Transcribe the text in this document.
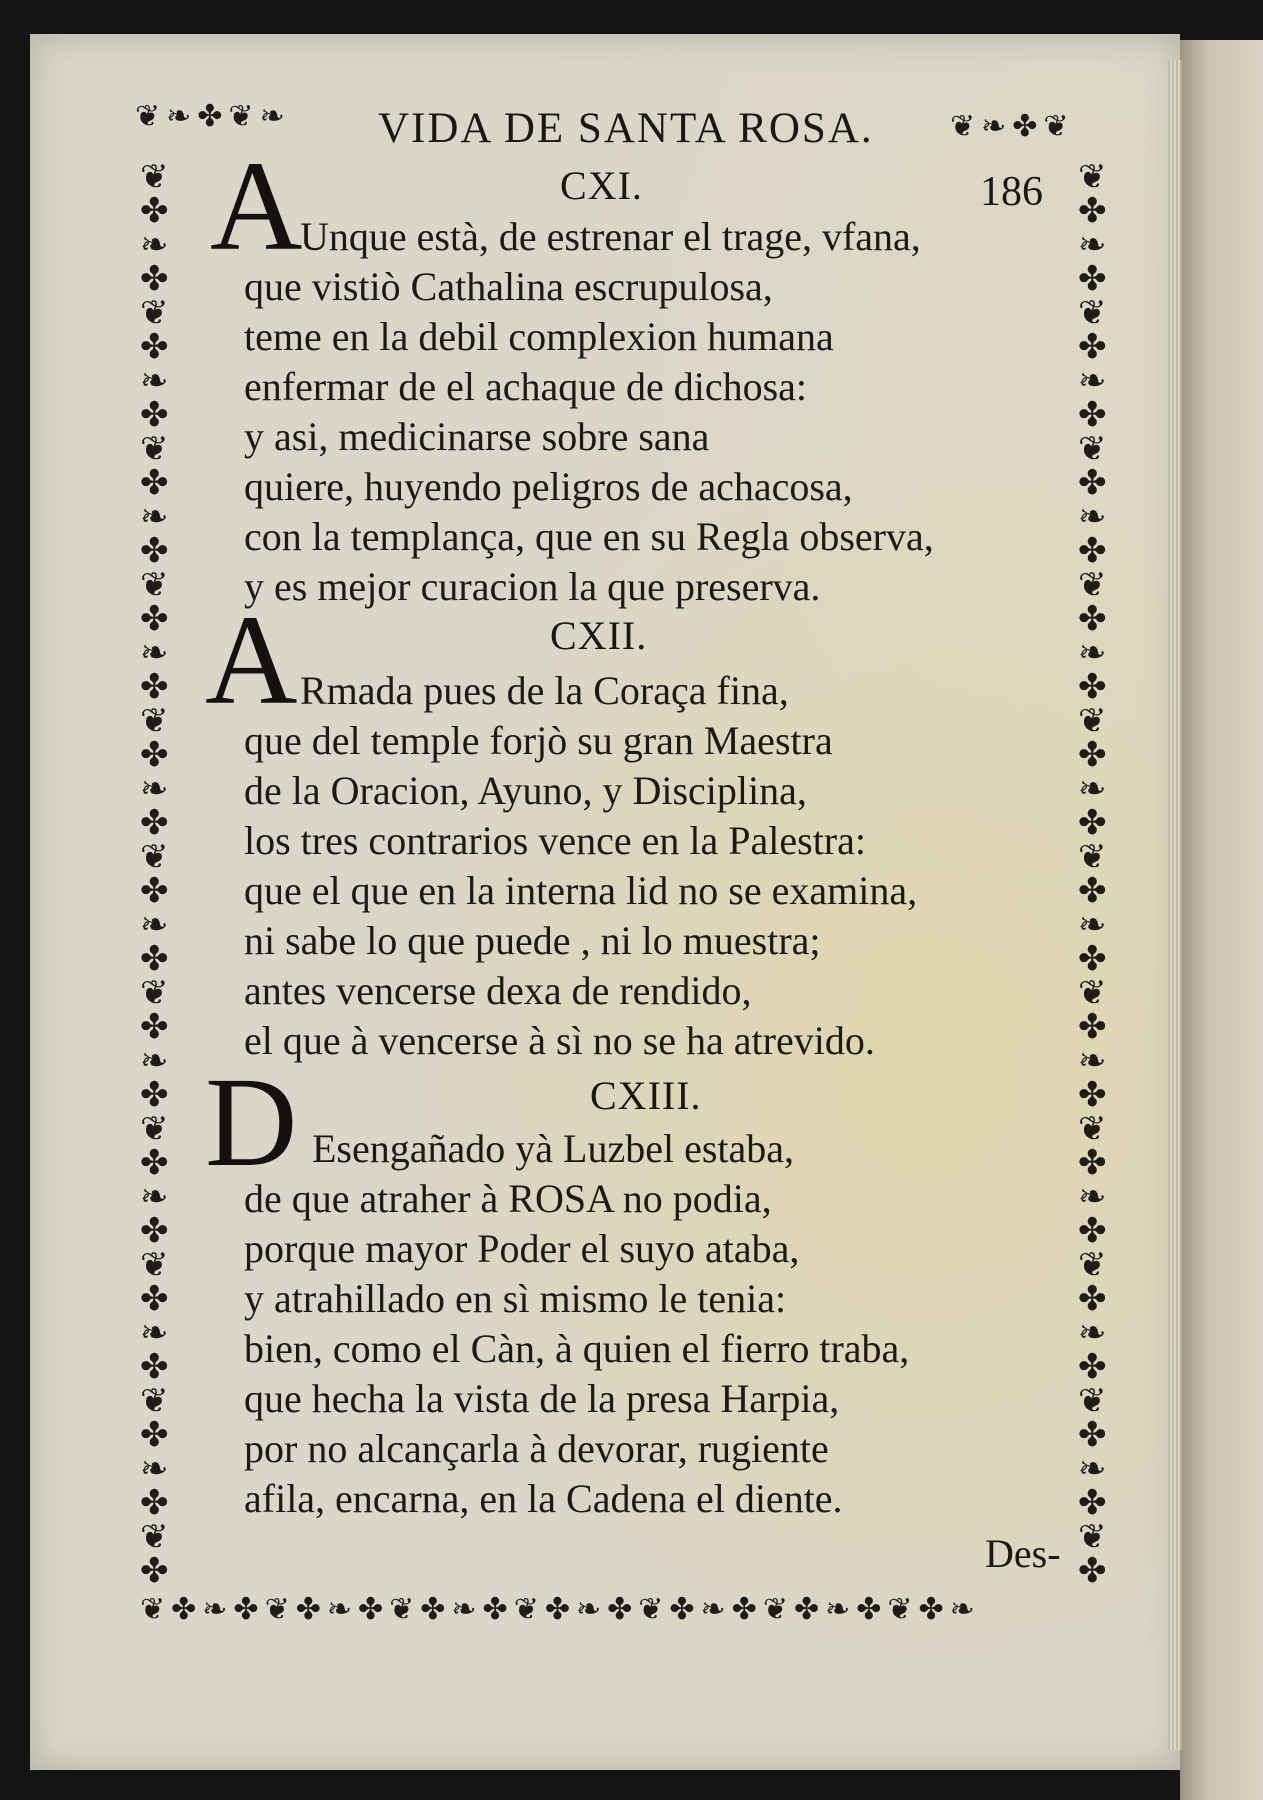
❦ ❧ ✤ ❦ ❧	❦ ❧ ✤ ❦
VIDA DE SANTA ROSA.
186
❦
✤
❧
✤
❦
✤
❧
✤
❦
✤
❧
✤
❦
✤
❧
✤
❦
✤
❧
✤
❦
✤
❧
✤
❦
✤
❧
✤
❦
✤
❧
✤
❦
✤
❧
✤
❦
✤
❧
✤
❦
✤
❦
✤
❧
✤
❦
✤
❧
✤
❦
✤
❧
✤
❦
✤
❧
✤
❦
✤
❧
✤
❦
✤
❧
✤
❦
✤
❧
✤
❦
✤
❧
✤
❦
✤
❧
✤
❦
✤
❧
✤
❦
✤
❦ ✤ ❧ ✤ ❦ ✤ ❧ ✤ ❦ ✤ ❧ ✤ ❦ ✤ ❧ ✤ ❦ ✤ ❧ ✤ ❦ ✤ ❧ ✤ ❦ ✤ ❧
CXI.
A
Unque està, de estrenar el trage, vfana,
que vistiò Cathalina escrupulosa,
teme en la debil complexion humana
enfermar de el achaque de dichosa:
y asi, medicinarse sobre sana
quiere, huyendo peligros de achacosa,
con la templança, que en su Regla observa,
y es mejor curacion la que preserva.
CXII.
A Rmada pues de la Coraça fina,
que del temple forjò su gran Maestra
de la Oracion, Ayuno, y Disciplina,
los tres contrarios vence en la Palestra:
que el que en la interna lid no se examina,
ni sabe lo que puede , ni lo muestra;
antes vencerse dexa de rendido,
el que à vencerse à sì no se ha atrevido.
CXIII.
D Esengañado yà Luzbel estaba,
de que atraher à ROSA no podia,
porque mayor Poder el suyo ataba,
y atrahillado en sì mismo le tenia:
bien, como el Càn, à quien el fierro traba,
que hecha la vista de la presa Harpia,
por no alcançarla à devorar, rugiente
afila, encarna, en la Cadena el diente.
Des-
